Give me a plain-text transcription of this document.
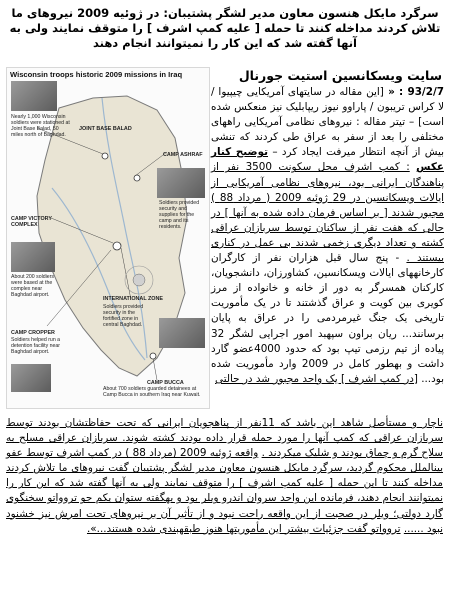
سرگرد مایکل هنسون معاون مدیر لشگر پشتیبان: در ژوئیه 2009 نیروهای ما تلاش کردند مداخله کنند تا حمله [ علیه کمپ اشرف ] را متوقف نمایند ولی به آنها گفته شد که این کار را نمیتوانند انجام دهند
Wisconsin troops historic 2009 missions in Iraq
JOINT BASE BALAD
Nearly 1,000 Wisconsin soldiers were stationed at Joint Base Balad, 50 miles north of Baghdad.
CAMP ASHRAF
Soldiers provided security and supplies for the camp and its residents.
CAMP VICTORY COMPLEX
About 200 soldiers were based at the complex near Baghdad airport.
INTERNATIONAL ZONE
Soldiers provided security in the fortified zone in central Baghdad.
CAMP CROPPER
Soldiers helped run a detention facility near Baghdad airport.
CAMP BUCCA
About 700 soldiers guarded detainees at Camp Bucca in southern Iraq near Kuwait.
سایت ویسکانسین استیت جورنال
93/2/7 : « [این مقاله در سایتهای آمریکایی چیپیوا / لا کراس تریبون / پاراوو نیوز ریپابلیک نیز منعکس شده است] – تیتر مقاله : نیروهای نظامی آمریکایی راههای مختلفی را بعد از سفر به عراق طی کردند که تنشی بیش از آنچه انتظار میرفت ایجاد کرد – توضیح کنار عکس : کمپ اشرف محل سکونت 3500 نفر از پناهندگان ایرانی بود، نیروهای نظامی آمریکایی از ایالات ویسکانسین در 29 ژوئیه 2009 ( مرداد 88 ) مجبور شدند [ بر اساس فرمان داده شده به آنها ] در حالی که هفت نفر از ساکنان توسط سربازان عراقی کشته و تعداد دیگری زخمی شدند بی عمل در کناری بیستند . - پنج سال قبل هزاران نفر از کارگران کارخانههای ایالات ویسکانسین، کشاورزان، دانشجویان، کارکنان همسرگر به دور از خانه و خانواده از مرز کویری بین کویت و عراق گذشتند تا در یک مأموریت تاریخی یک جنگ غیرمردمی را در عراق به پایان برسانند... ریان براون سپهبد امور اجرایی لشگر 32 پیاده از تیم رزمی تیپ بود که حدود 4000عضو گارد داشت و بهطور کامل در 2009 وارد مأموریت شده بود... [در کمپ اشرف ] یک واحد مجبور شد در حالتی
ناچار و مستأصل شاهد این باشد که 11نفر از پناهجویان ایرانی که تحت حفاظتشان بودند توسط سربازان عراقی که کمپ آنها را مورد حمله قرار داده بودند کشته شوند. سربازان عراقی مسلح به سلاح گرم و چماق بودند و شلیک میکردند . واقعه ژوئیه 2009 (مرداد 88 ) در کمپ اشرف توسط عفو بینالملل محکوم گردید، سرگرد مایکل هنسون معاون مدیر لشگر پشتیبان گفت نیروهای ما تلاش کردند مداخله کنند تا این حمله [ علیه کمپ اشرف ] را متوقف نمایند ولی به آنها گفته شد که این کار را نمیتوانند انجام دهند، فرمانده این واحد سروان اندرو ویلر بود و بهگفته ستوان یکم جو تروواتو سخنگوی گارد دولتی؛ ویلر در صحبت از این واقعه راحت نبود و از تأثیر آن بر نیروهای تحت امرش نیز خشنود نبود ...... تروواتو گفت جزئیات بیشتر این مأموریتها هنوز طبقهبندی شده هستند...».
